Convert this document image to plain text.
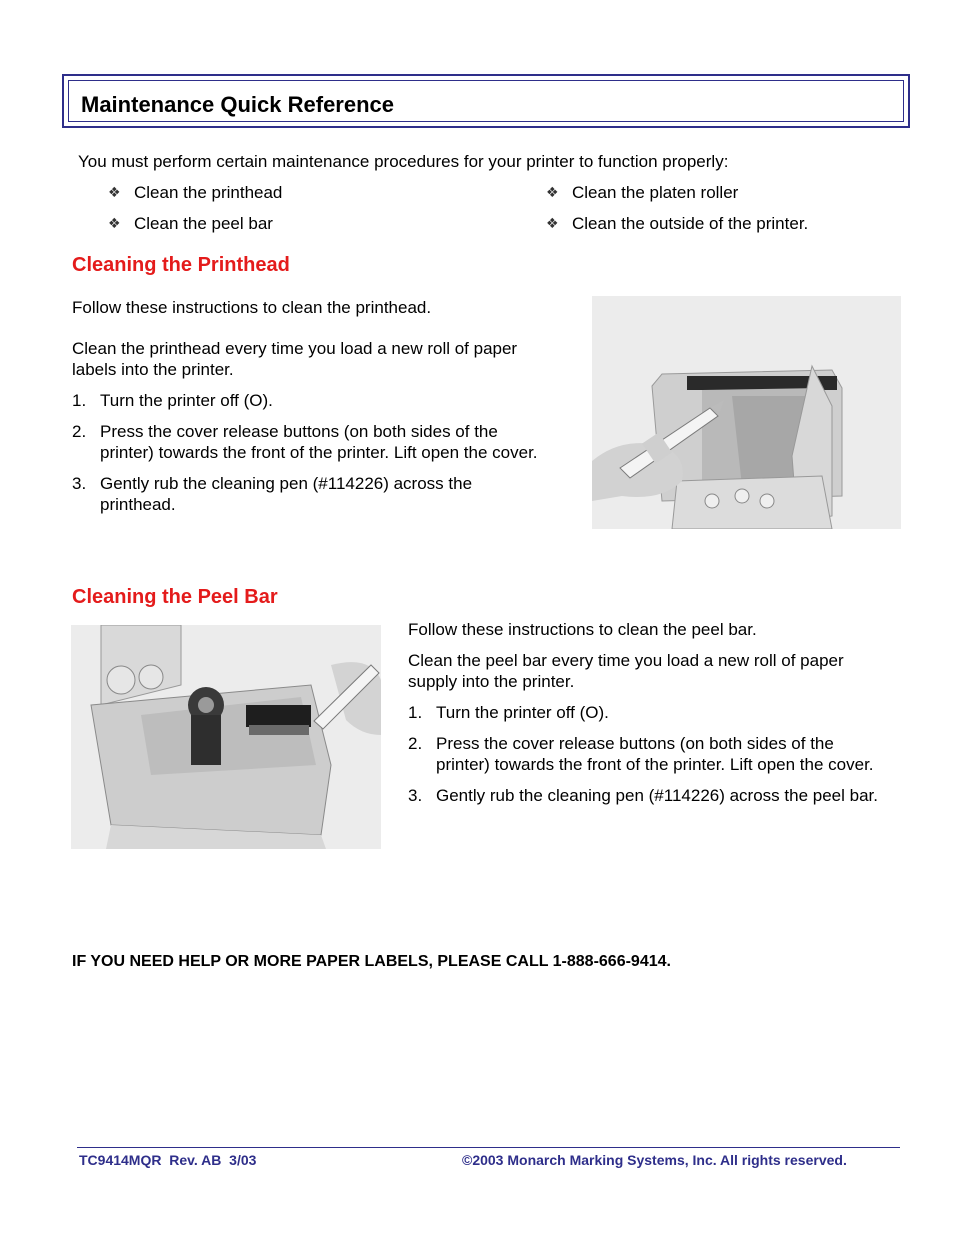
Maintenance Quick Reference
You must perform certain maintenance procedures for your printer to function properly:
❖ Clean the printhead
❖ Clean the peel bar
❖ Clean the platen roller
❖ Clean the outside of the printer.
Cleaning the Printhead
Follow these instructions to clean the printhead.
Clean the printhead every time you load a new roll of paper labels into the printer.
1. Turn the printer off (O).
2. Press the cover release buttons (on both sides of the printer) towards the front of the printer. Lift open the cover.
3. Gently rub the cleaning pen (#114226) across the printhead.
Cleaning the Peel Bar
Follow these instructions to clean the peel bar.
Clean the peel bar every time you load a new roll of paper supply into the printer.
1. Turn the printer off (O).
2. Press the cover release buttons (on both sides of the printer) towards the front of the printer. Lift open the cover.
3. Gently rub the cleaning pen (#114226) across the peel bar.
IF YOU NEED HELP OR MORE PAPER LABELS, PLEASE CALL 1-888-666-9414.
TC9414MQR  Rev. AB  3/03	©2003 Monarch Marking Systems, Inc. All rights reserved.
